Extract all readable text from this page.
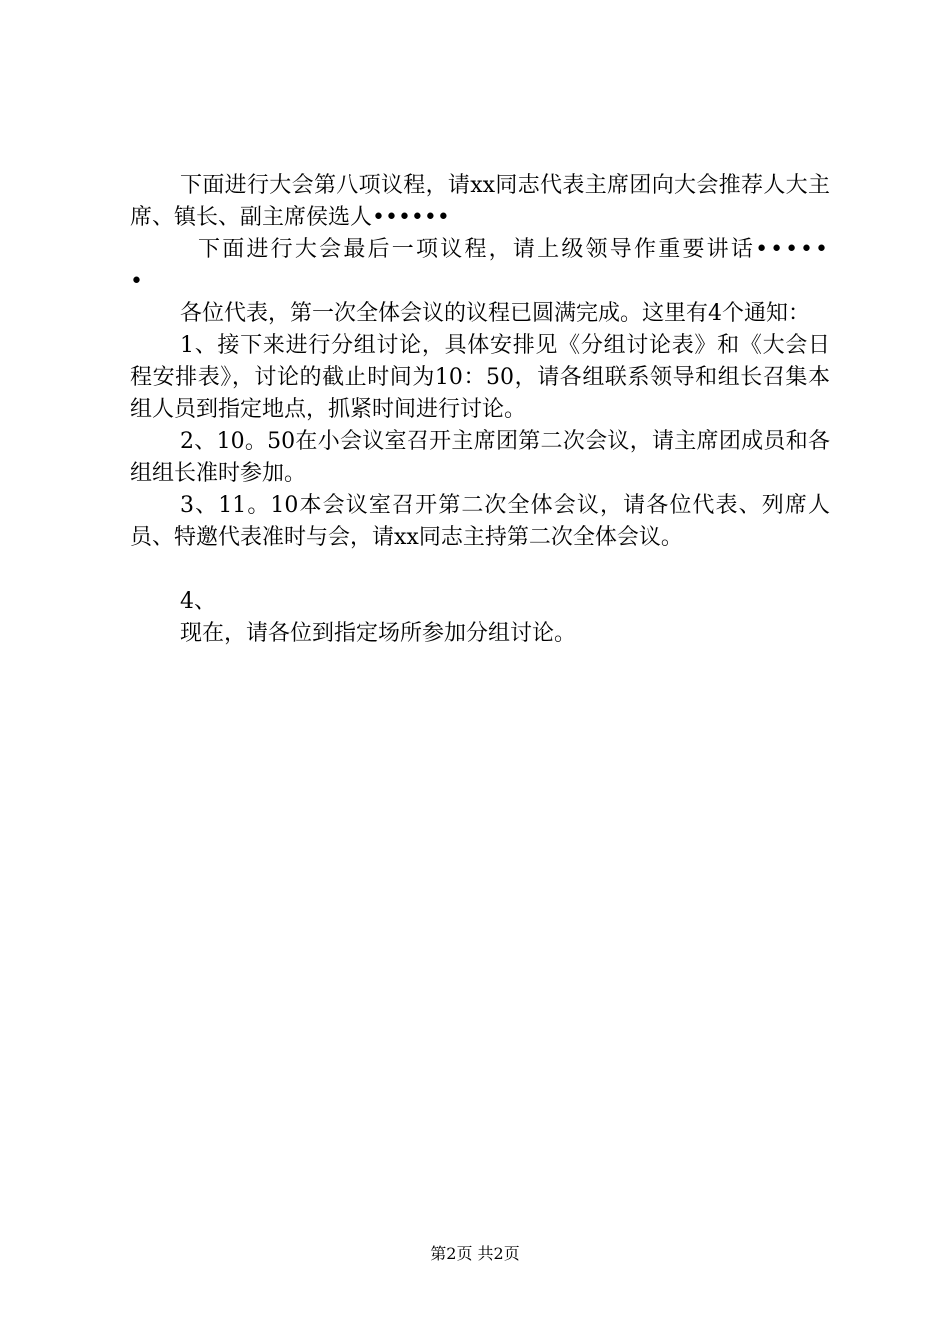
下面进行大会第八项议程，请xx同志代表主席团向大会推荐人大主席、镇长、副主席侯选人••••••

下面进行大会最后一项议程，请上级领导作重要讲话••••••

各位代表，第一次全体会议的议程已圆满完成。这里有4个通知：

1、接下来进行分组讨论，具体安排见《分组讨论表》和《大会日程安排表》，讨论的截止时间为10：50，请各组联系领导和组长召集本组人员到指定地点，抓紧时间进行讨论。

2、10。50在小会议室召开主席团第二次会议，请主席团成员和各组组长准时参加。

3、11。10本会议室召开第二次全体会议，请各位代表、列席人员、特邀代表准时与会，请xx同志主持第二次全体会议。

4、

现在，请各位到指定场所参加分组讨论。

第2页 共2页
